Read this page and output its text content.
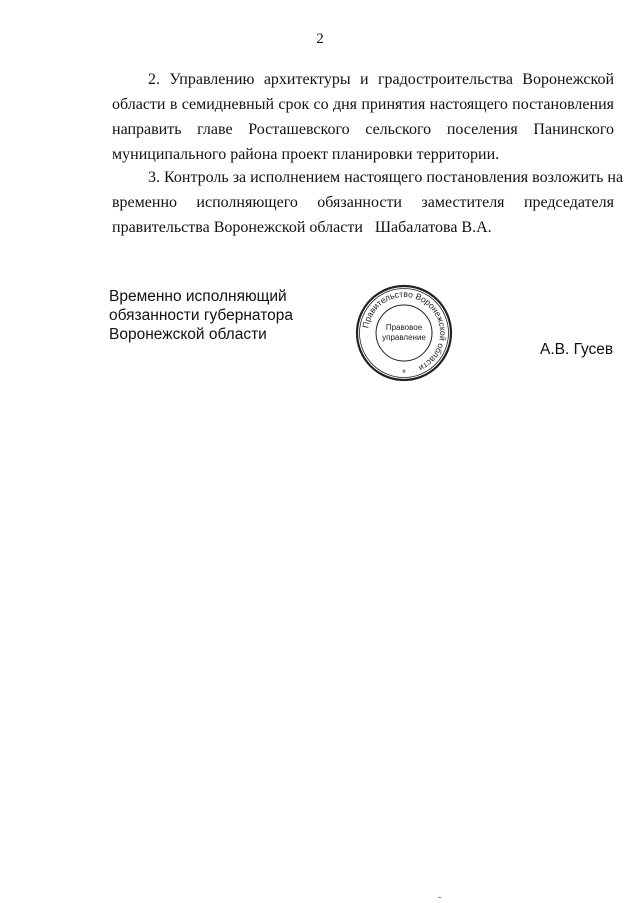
2
2. Управлению архитектуры и градостроительства Воронежской
области в семидневный срок со дня принятия настоящего постановления
направить главе Росташевского сельского поселения Панинского
муниципального района проект планировки территории.
3. Контроль за исполнением настоящего постановления возложить на
временно исполняющего обязанности заместителя председателя
правительства Воронежской области   Шабалатова В.А.
Временно исполняющий
обязанности губернатора
Воронежской области
Правительство Воронежской области
Правовое
управление
*
А.В. Гусев
